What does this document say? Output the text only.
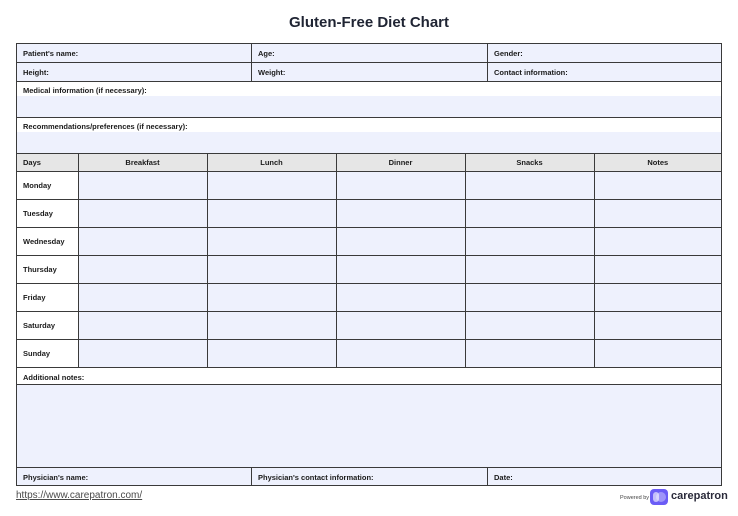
Gluten-Free Diet Chart
Patient's name:	Age:	Gender:
Height:	Weight:	Contact information:
Medical information (if necessary):
Recommendations/preferences (if necessary):
Days	Breakfast	Lunch	Dinner	Snacks	Notes
Monday					
Tuesday					
Wednesday					
Thursday					
Friday					
Saturday					
Sunday					
Additional notes:
Physician's name:	Physician's contact information:	Date:
https://www.carepatron.com/	Powered by carepatron
